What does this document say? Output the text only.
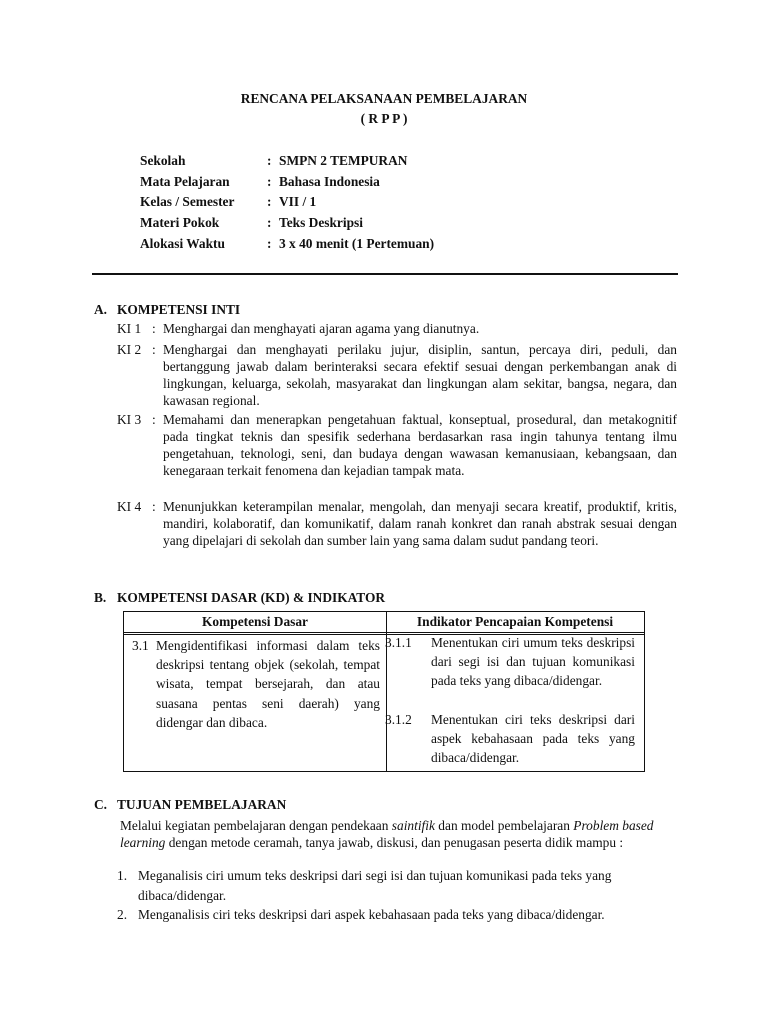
RENCANA PELAKSANAAN PEMBELAJARAN
( R P P )
Sekolah	: SMPN 2 TEMPURAN
Mata Pelajaran	: Bahasa Indonesia
Kelas / Semester : VII / 1
Materi Pokok	: Teks Deskripsi
Alokasi Waktu	: 3 x 40 menit (1 Pertemuan)
A. KOMPETENSI INTI
KI 1 : Menghargai dan menghayati ajaran agama yang dianutnya.
KI 2 : Menghargai dan menghayati perilaku jujur, disiplin, santun, percaya diri, peduli, dan bertanggung jawab dalam berinteraksi secara efektif sesuai dengan perkembangan anak di lingkungan, keluarga, sekolah, masyarakat dan lingkungan alam sekitar, bangsa, negara, dan kawasan regional.
KI 3 : Memahami dan menerapkan pengetahuan faktual, konseptual, prosedural, dan metakognitif pada tingkat teknis dan spesifik sederhana berdasarkan rasa ingin tahunya tentang ilmu pengetahuan, teknologi, seni, dan budaya dengan wawasan kemanusiaan, kebangsaan, dan kenegaraan terkait fenomena dan kejadian tampak mata.
KI 4 : Menunjukkan keterampilan menalar, mengolah, dan menyaji secara kreatif, produktif, kritis, mandiri, kolaboratif, dan komunikatif, dalam ranah konkret dan ranah abstrak sesuai dengan yang dipelajari di sekolah dan sumber lain yang sama dalam sudut pandang teori.
B. KOMPETENSI DASAR (KD) & INDIKATOR
Kompetensi Dasar	Indikator Pencapaian Kompetensi
3.1 Mengidentifikasi informasi dalam teks deskripsi tentang objek (sekolah, tempat wisata, tempat bersejarah, dan atau suasana pentas seni daerah) yang didengar dan dibaca.
3.1.1 Menentukan ciri umum teks deskripsi dari segi isi dan tujuan komunikasi pada teks yang dibaca/didengar.
3.1.2 Menentukan ciri teks deskripsi dari aspek kebahasaan pada teks yang dibaca/didengar.
C. TUJUAN PEMBELAJARAN
Melalui kegiatan pembelajaran dengan pendekaan saintifik dan model pembelajaran Problem based learning dengan metode ceramah, tanya jawab, diskusi, dan penugasan peserta didik mampu :
1. Meganalisis ciri umum teks deskripsi dari segi isi dan tujuan komunikasi pada teks yang dibaca/didengar.
2. Menganalisis ciri teks deskripsi dari aspek kebahasaan pada teks yang dibaca/didengar.
